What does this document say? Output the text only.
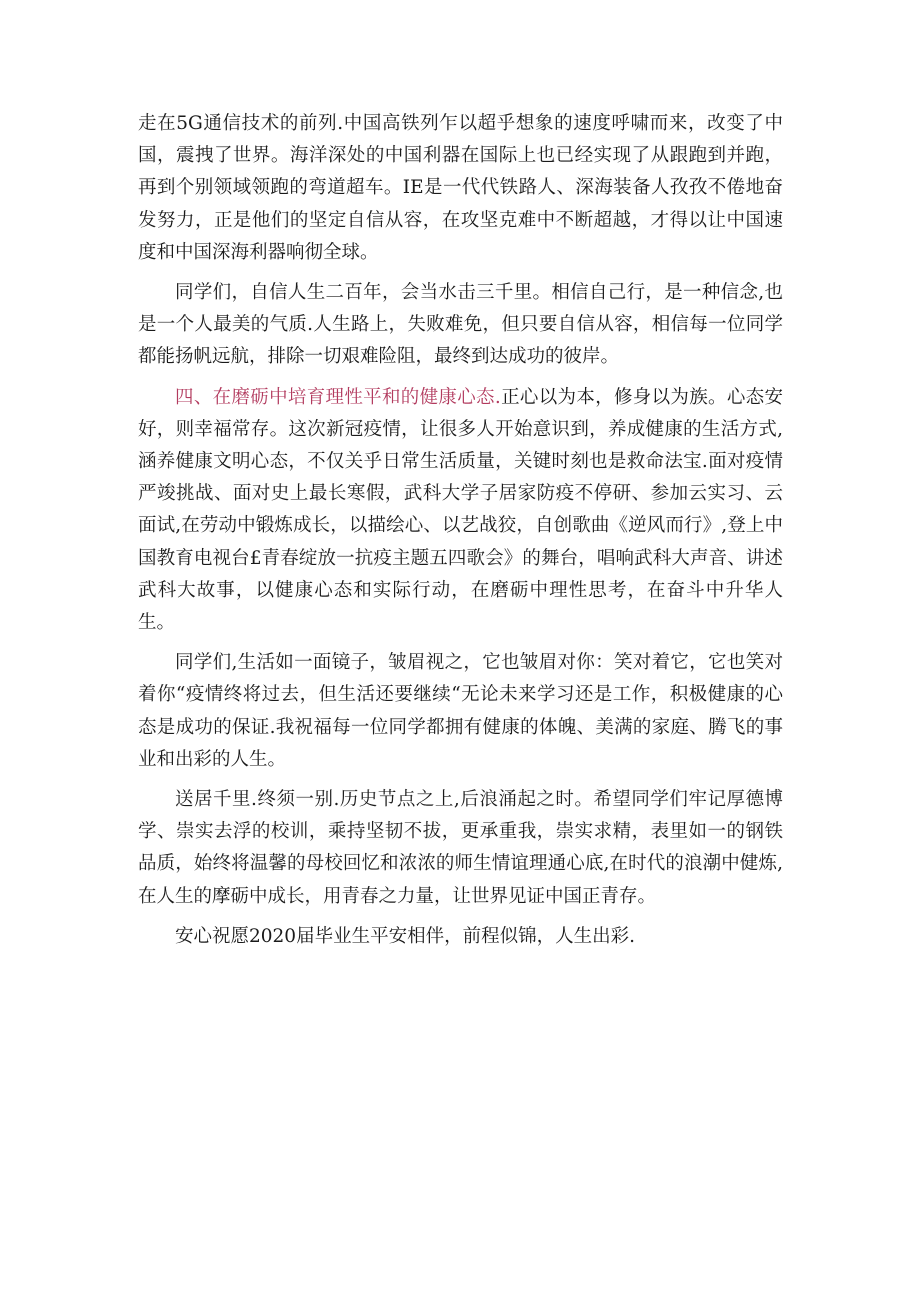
走在5G通信技术的前列.中国高铁列乍以超乎想象的速度呼啸而来，改变了中国，震拽了世界。海洋深处的中国利器在国际上也已经实现了从跟跑到并跑，再到个别领域领跑的弯道超车。IE是一代代铁路人、深海装备人孜孜不倦地奋发努力，正是他们的坚定自信从容，在攻坚克难中不断超越，才得以让中国速度和中国深海利器响彻全球。

同学们，自信人生二百年，会当水击三千里。相信自己行，是一种信念,也是一个人最美的气质.人生路上，失败难免，但只要自信从容，相信每一位同学都能扬帆远航，排除一切艰难险阻，最终到达成功的彼岸。

四、在磨砺中培育理性平和的健康心态.正心以为本，修身以为族。心态安好，则幸福常存。这次新冠疫情，让很多人开始意识到，养成健康的生活方式,涵养健康文明心态，不仅关乎日常生活质量，关键时刻也是救命法宝.面对疫情严竣挑战、面对史上最长寒假，武科大学子居家防疫不停研、参加云实习、云面试,在劳动中锻炼成长，以描绘心、以艺战狡，自创歌曲《逆风而行》,登上中国教育电视台£青春绽放一抗疫主题五四歌会》的舞台，唱响武科大声音、讲述武科大故事，以健康心态和实际行动，在磨砺中理性思考，在奋斗中升华人生。

同学们,生活如一面镜子，皱眉视之，它也皱眉对你：笑对着它，它也笑对着你“疫情终将过去，但生活还要继续“无论未来学习还是工作，积极健康的心态是成功的保证.我祝福每一位同学都拥有健康的体魄、美满的家庭、腾飞的事业和出彩的人生。

送居千里.终须一别.历史节点之上,后浪涌起之时。希望同学们牢记厚德博学、崇实去浮的校训，乘持坚韧不拔，更承重我，崇实求精，表里如一的钢铁品质，始终将温馨的母校回忆和浓浓的师生情谊理通心底,在时代的浪潮中健炼,在人生的摩砺中成长，用青春之力量，让世界见证中国正青存。

安心祝愿2020届毕业生平安相伴，前程似锦，人生出彩.
